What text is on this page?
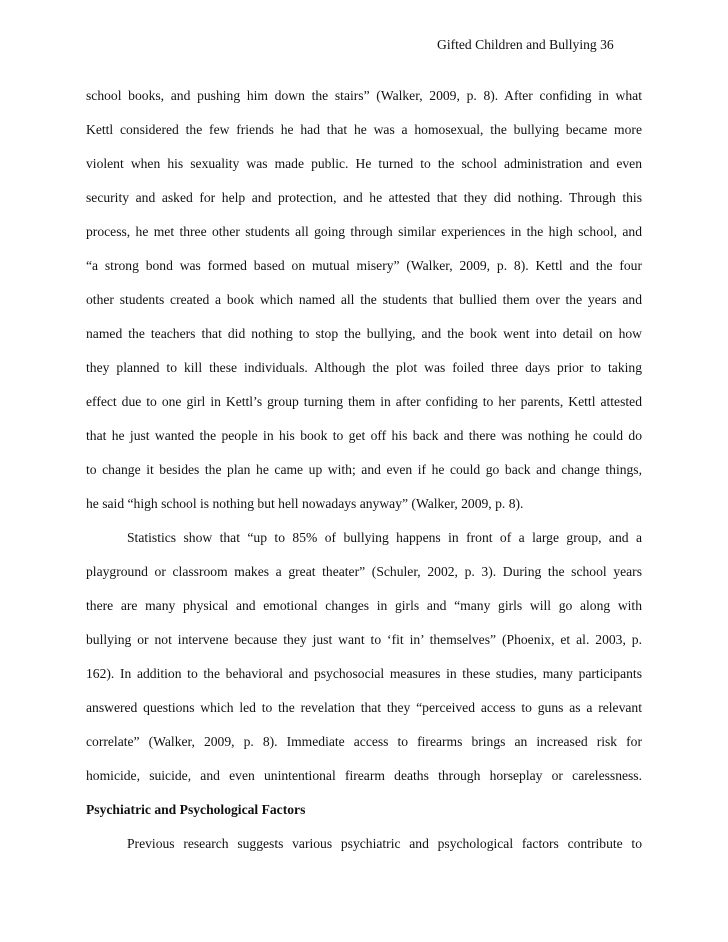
Gifted Children and Bullying 36
school books, and pushing him down the stairs” (Walker, 2009, p. 8). After confiding in what
Kettl considered the few friends he had that he was a homosexual, the bullying became more
violent when his sexuality was made public. He turned to the school administration and even
security and asked for help and protection, and he attested that they did nothing. Through this
process, he met three other students all going through similar experiences in the high school, and
“a strong bond was formed based on mutual misery” (Walker, 2009, p. 8). Kettl and the four
other students created a book which named all the students that bullied them over the years and
named the teachers that did nothing to stop the bullying, and the book went into detail on how
they planned to kill these individuals. Although the plot was foiled three days prior to taking
effect due to one girl in Kettl’s group turning them in after confiding to her parents, Kettl attested
that he just wanted the people in his book to get off his back and there was nothing he could do
to change it besides the plan he came up with; and even if he could go back and change things,
he said “high school is nothing but hell nowadays anyway” (Walker, 2009, p. 8).
Statistics show that “up to 85% of bullying happens in front of a large group, and a
playground or classroom makes a great theater” (Schuler, 2002, p. 3). During the school years
there are many physical and emotional changes in girls and “many girls will go along with
bullying or not intervene because they just want to ‘fit in’ themselves” (Phoenix, et al. 2003, p.
162). In addition to the behavioral and psychosocial measures in these studies, many participants
answered questions which led to the revelation that they “perceived access to guns as a relevant
correlate” (Walker, 2009, p. 8). Immediate access to firearms brings an increased risk for
homicide, suicide, and even unintentional firearm deaths through horseplay or carelessness.
Psychiatric and Psychological Factors
Previous research suggests various psychiatric and psychological factors contribute to
